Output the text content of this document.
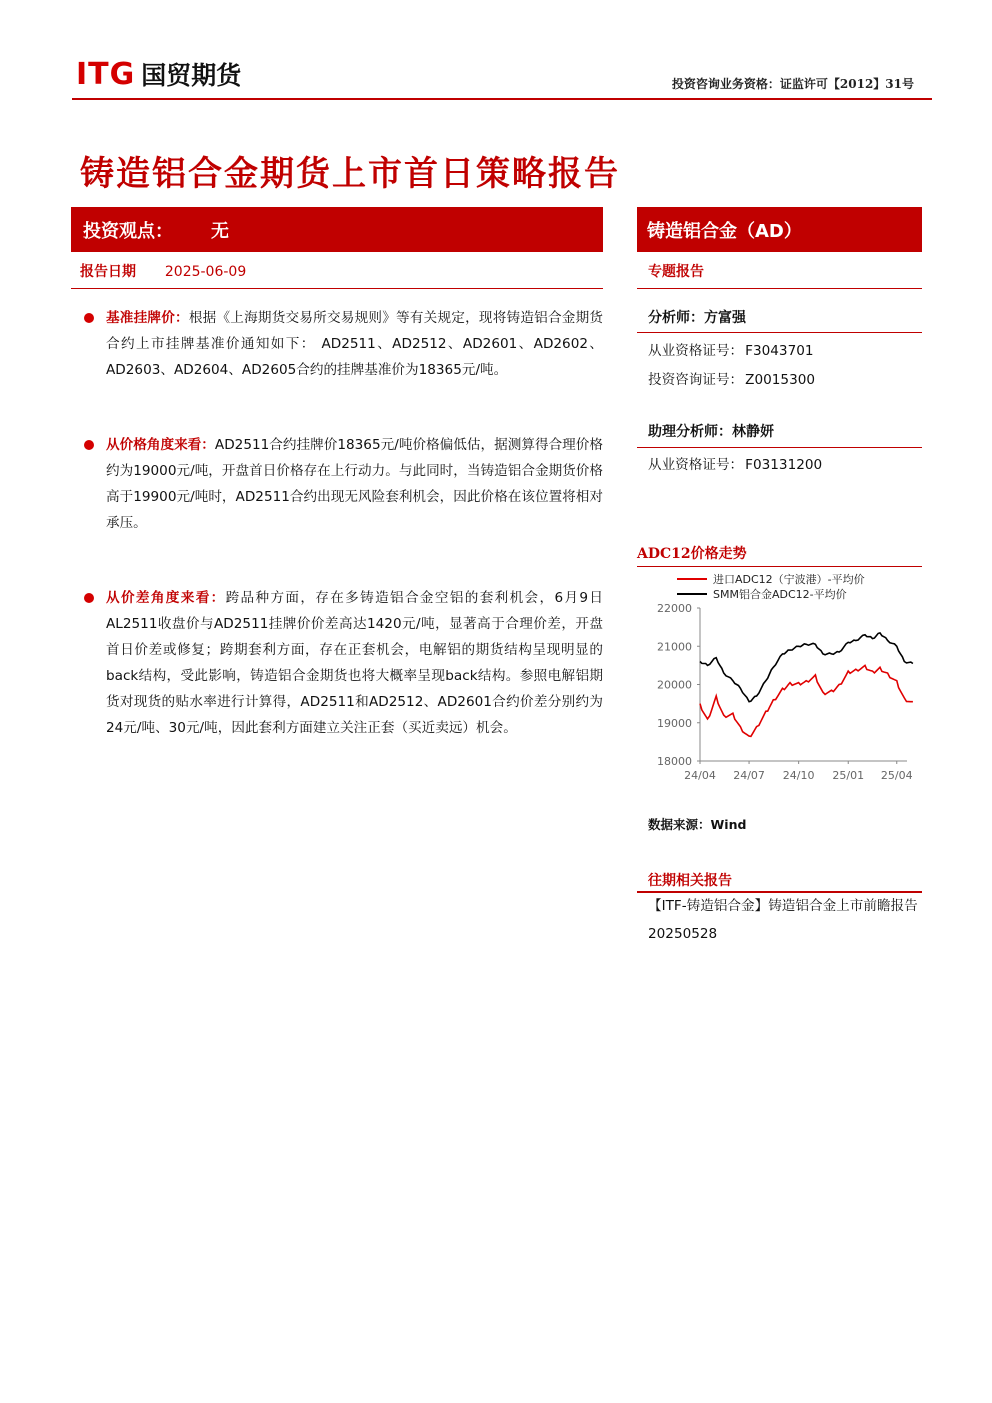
ITG 国贸期货	投资咨询业务资格：证监许可【2012】31号
铸造铝合金期货上市首日策略报告
投资观点： 无
报告日期 2025-06-09

基准挂牌价：根据《上海期货交易所交易规则》等有关规定，现将铸造铝合金期货合约上市挂牌基准价通知如下： AD2511、AD2512、AD2601、AD2602、AD2603、AD2604、AD2605合约的挂牌基准价为18365元/吨。

从价格角度来看：AD2511合约挂牌价18365元/吨价格偏低估，据测算得合理价格约为19000元/吨，开盘首日价格存在上行动力。与此同时，当铸造铝合金期货价格高于19900元/吨时，AD2511合约出现无风险套利机会，因此价格在该位置将相对承压。

从价差角度来看：跨品种方面，存在多铸造铝合金空铝的套利机会，6月9日AL2511收盘价与AD2511挂牌价价差高达1420元/吨，显著高于合理价差，开盘首日价差或修复；跨期套利方面，存在正套机会，电解铝的期货结构呈现明显的back结构，受此影响，铸造铝合金期货也将大概率呈现back结构。参照电解铝期货对现货的贴水率进行计算得，AD2511和AD2512、AD2601合约价差分别约为24元/吨、30元/吨，因此套利方面建立关注正套（买近卖远）机会。

铸造铝合金（AD）
专题报告
分析师：方富强
从业资格证号： F3043701
投资咨询证号： Z0015300
助理分析师：林静妍
从业资格证号： F03131200
ADC12价格走势
进口ADC12（宁波港）-平均价
SMM铝合金ADC12-平均价
22000
21000
20000
19000
18000
24/04 24/07 24/10 25/01 25/04
数据来源：Wind
往期相关报告
【ITF-铸造铝合金】铸造铝合金上市前瞻报告20250528
